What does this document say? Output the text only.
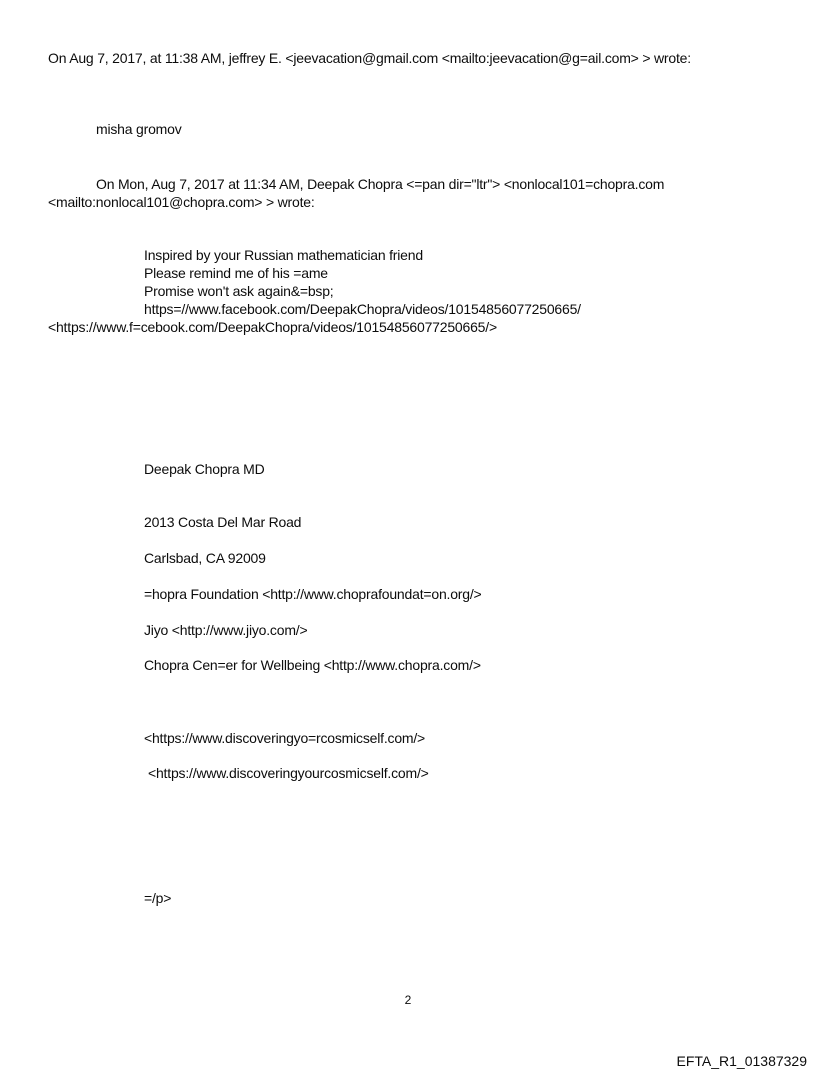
On Aug 7, 2017, at 11:38 AM, jeffrey E. <jeevacation@gmail.com <mailto:jeevacation@g=ail.com> > wrote:
misha gromov
On Mon, Aug 7, 2017 at 11:34 AM, Deepak Chopra <=pan dir="ltr"> <nonlocal101=chopra.com
<mailto:nonlocal101@chopra.com> > wrote:
Inspired by your Russian mathematician friend
Please remind me of his =ame
Promise won't ask again&=bsp;
https=//www.facebook.com/DeepakChopra/videos/10154856077250665/
<https://www.f=cebook.com/DeepakChopra/videos/10154856077250665/>
Deepak Chopra MD
2013 Costa Del Mar Road
Carlsbad, CA 92009
=hopra Foundation <http://www.choprafoundat=on.org/>
Jiyo <http://www.jiyo.com/>
Chopra Cen=er for Wellbeing <http://www.chopra.com/>
<https://www.discoveringyo=rcosmicself.com/>
<https://www.discoveringyourcosmicself.com/>
=/p>
2
EFTA_R1_01387329
